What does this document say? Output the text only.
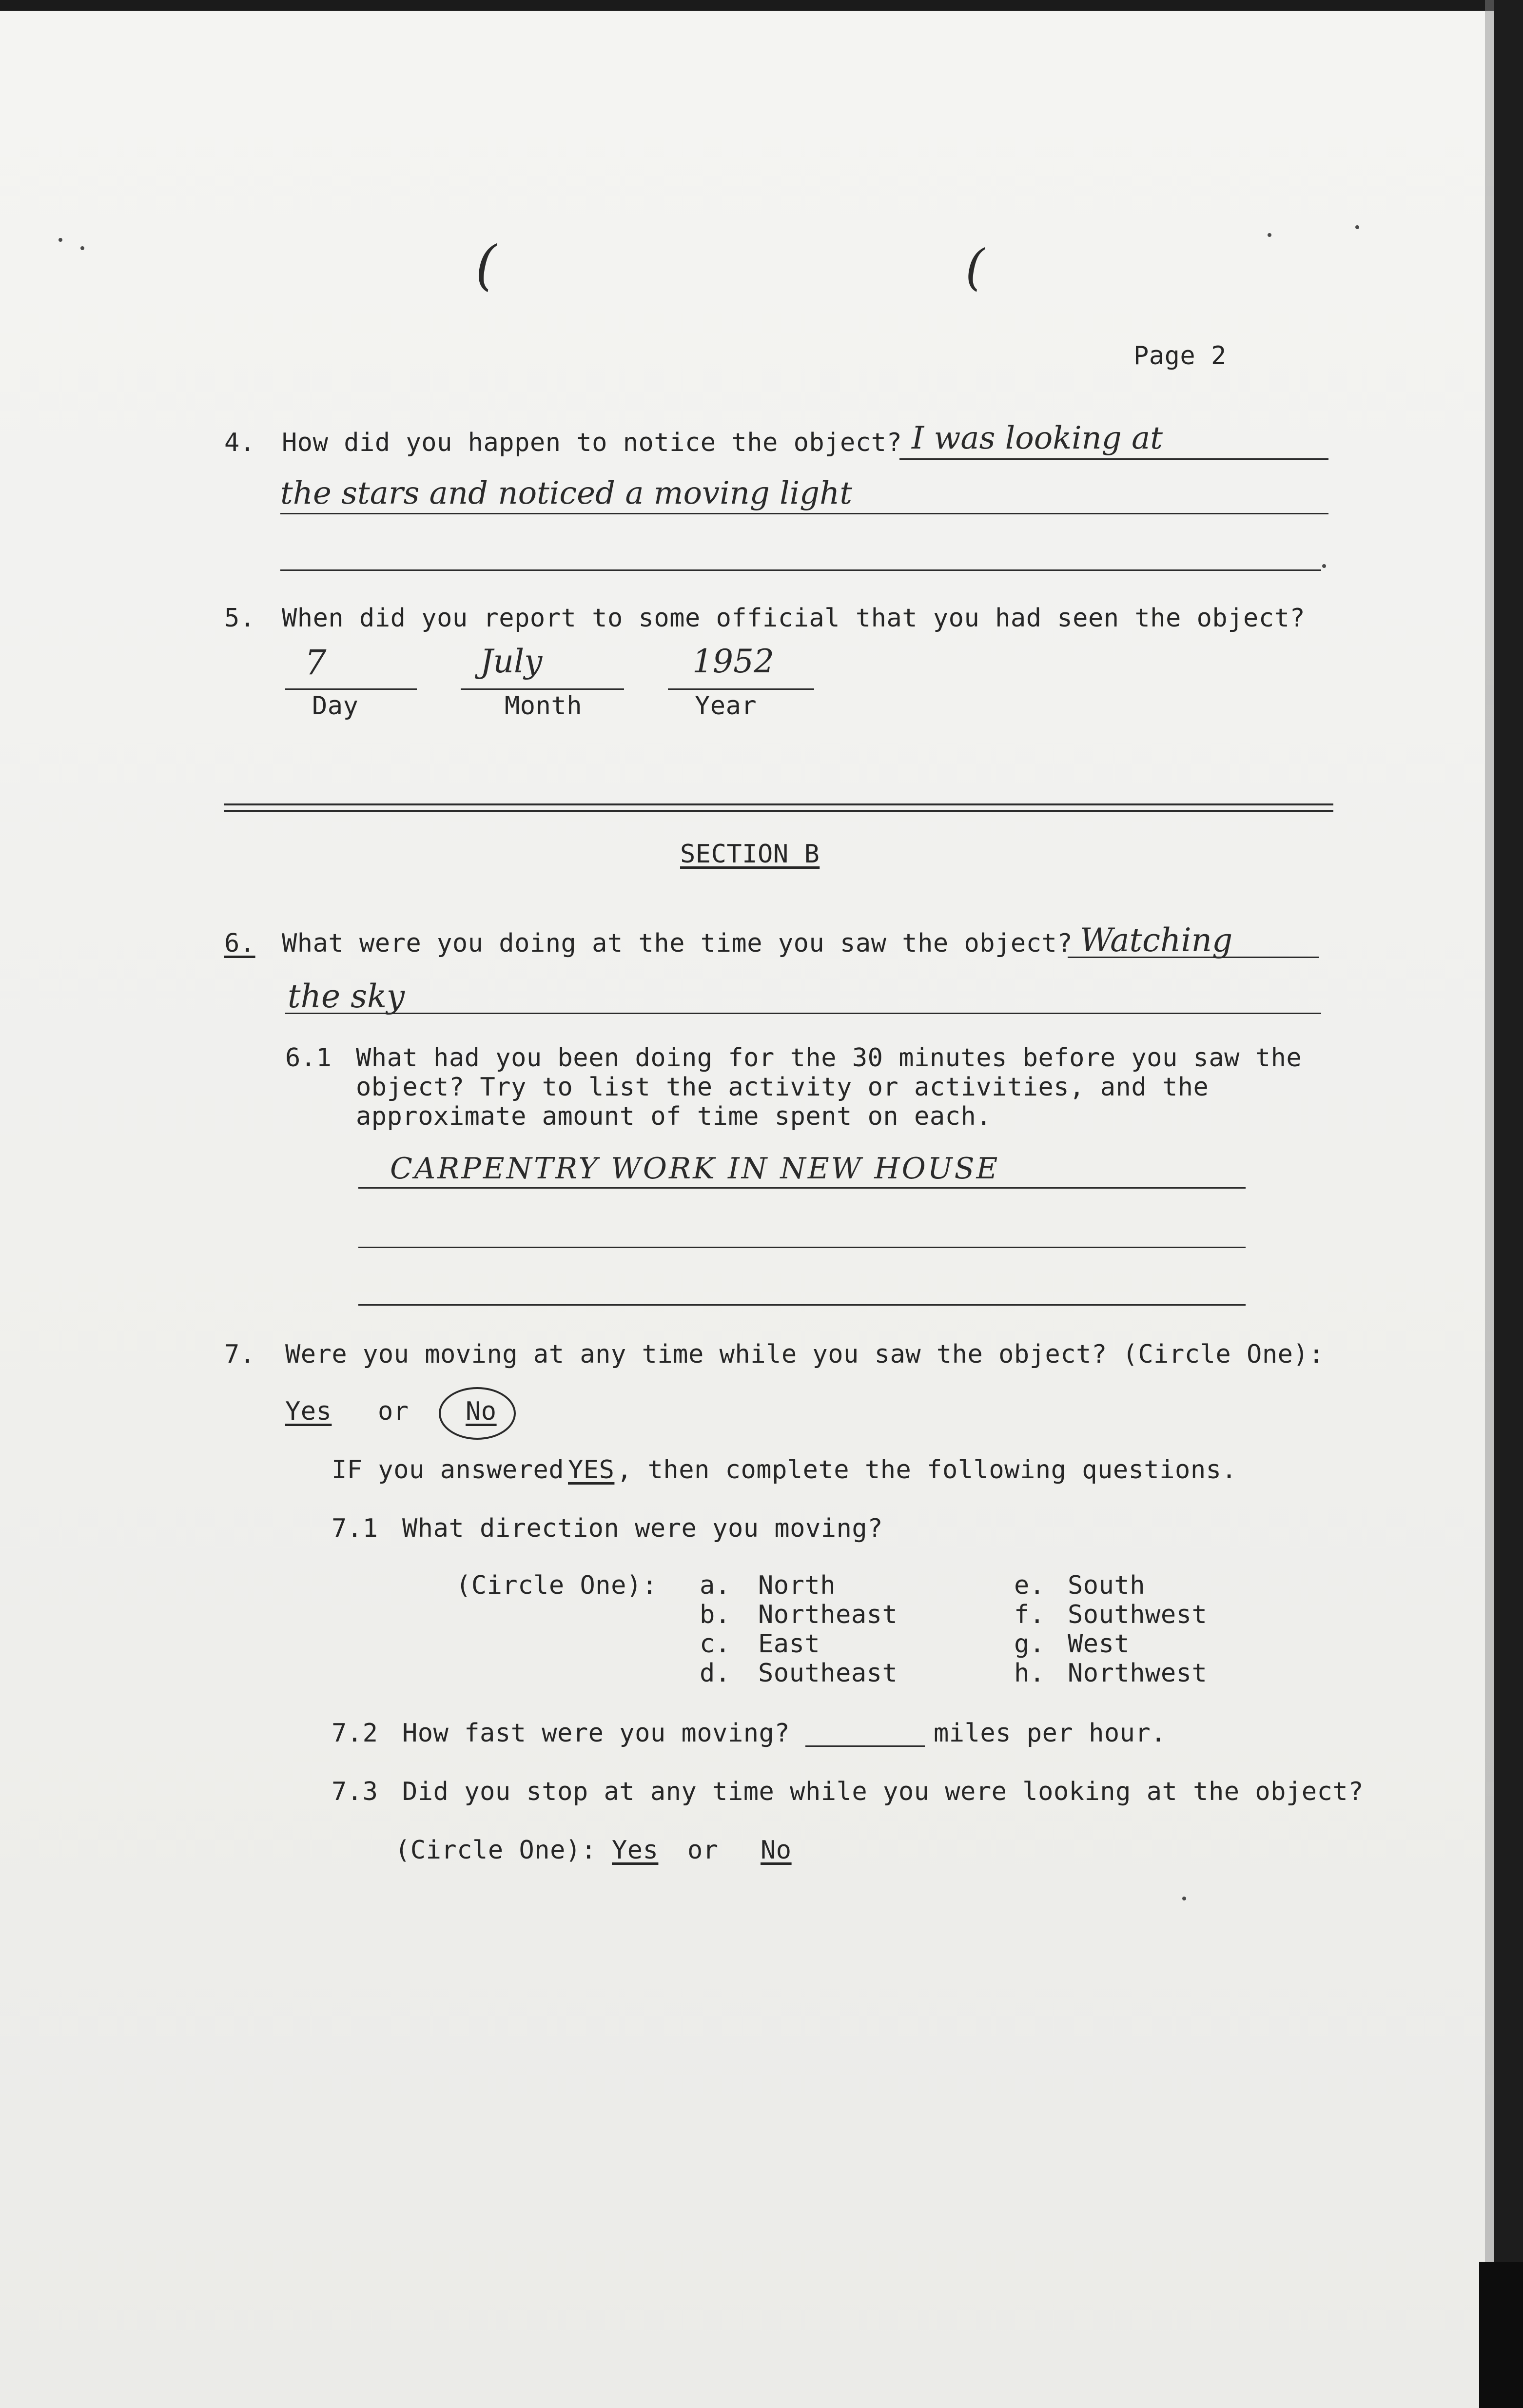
(	(
Page 2
4. How did you happen to notice the object? I was looking at
the stars and noticed a moving light
5. When did you report to some official that you had seen the object?
7	July	1952
Day	Month	Year
SECTION B
6. What were you doing at the time you saw the object? Watching
the sky
6.1 What had you been doing for the 30 minutes before you saw the
object? Try to list the activity or activities, and the
approximate amount of time spent on each.
CARPENTRY WORK IN NEW HOUSE
7. Were you moving at any time while you saw the object? (Circle One):
Yes or No
IF you answered YES , then complete the following questions.
7.1 What direction were you moving?
(Circle One): a. North
b. Northeast
c. East
d. Southeast
e. South
f. Southwest
g. West
h. Northwest
7.2 How fast were you moving?	miles per hour.
7.3 Did you stop at any time while you were looking at the object?
(Circle One): Yes or No
